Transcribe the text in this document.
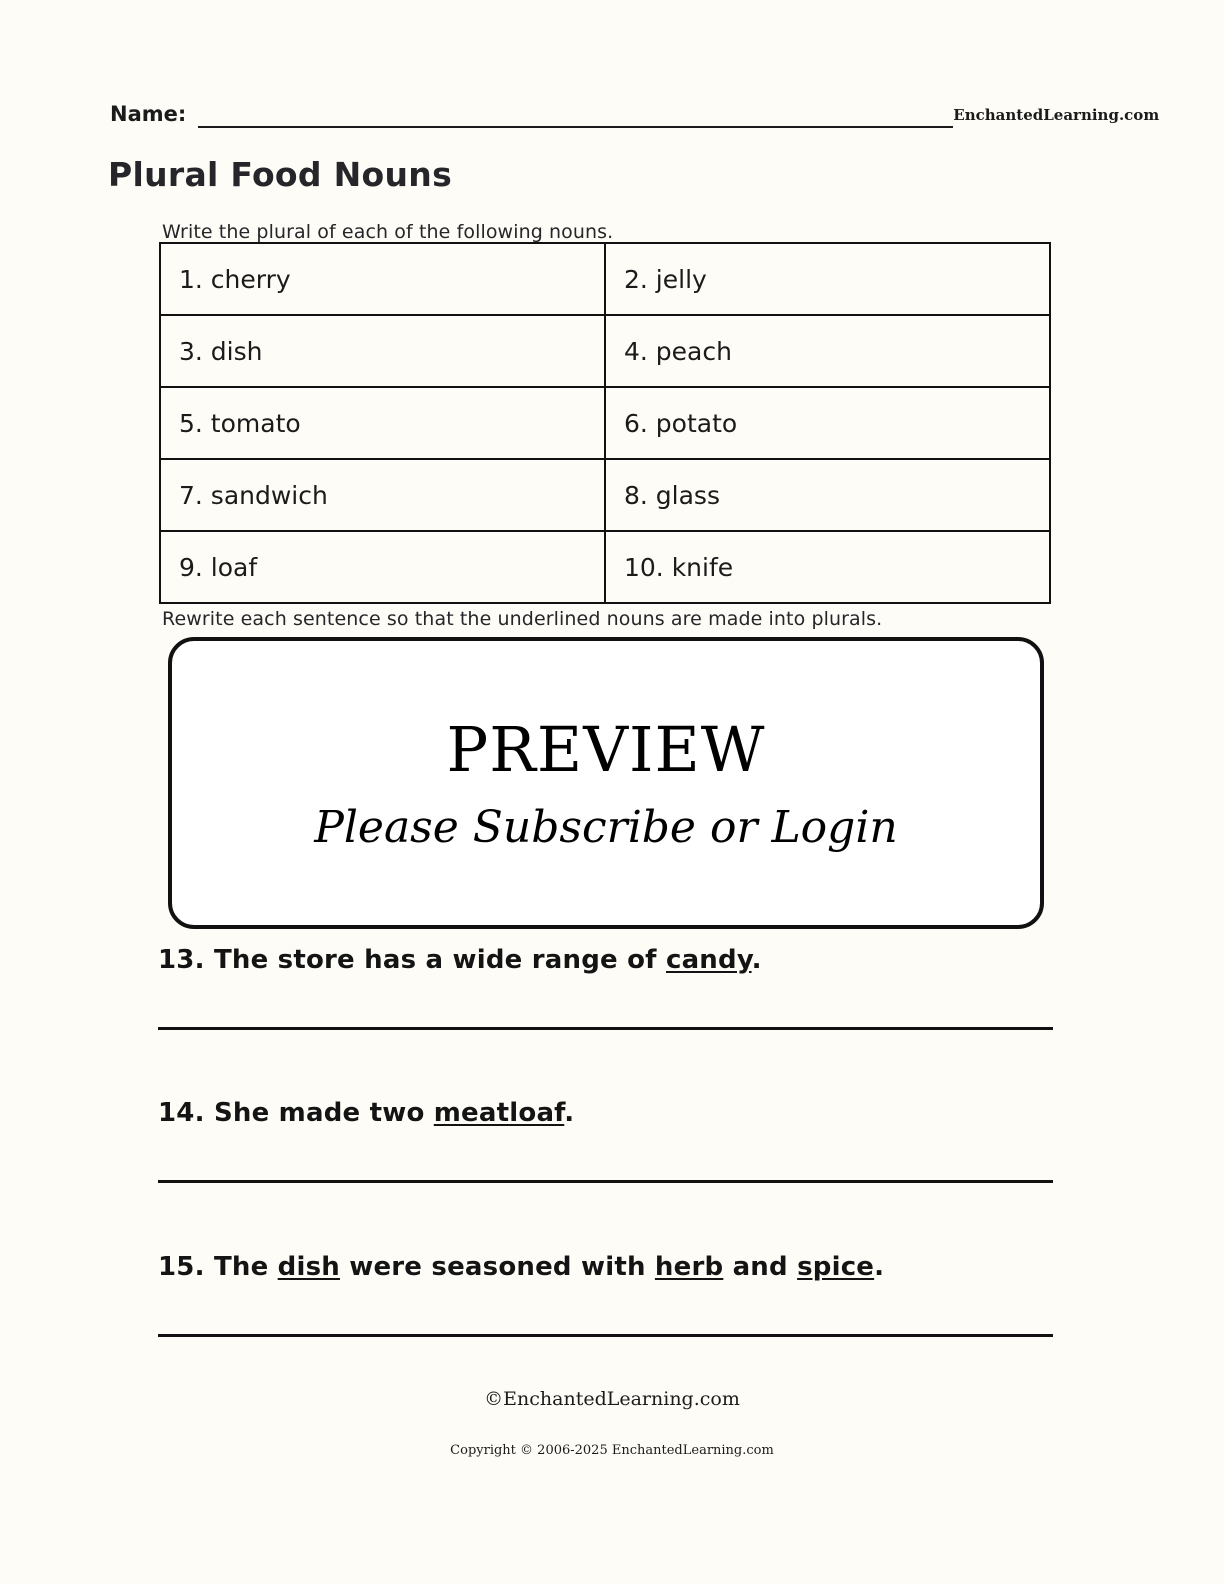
Name:	EnchantedLearning.com
Plural Food Nouns
Write the plural of each of the following nouns.
1. cherry	2. jelly
3. dish	4. peach
5. tomato	6. potato
7. sandwich	8. glass
9. loaf	10. knife
Rewrite each sentence so that the underlined nouns are made into plurals.

PREVIEW
Please Subscribe or Login
13. The store has a wide range of candy.
14. She made two meatloaf.
15. The dish were seasoned with herb and spice.
©EnchantedLearning.com
Copyright © 2006-2025 EnchantedLearning.com
